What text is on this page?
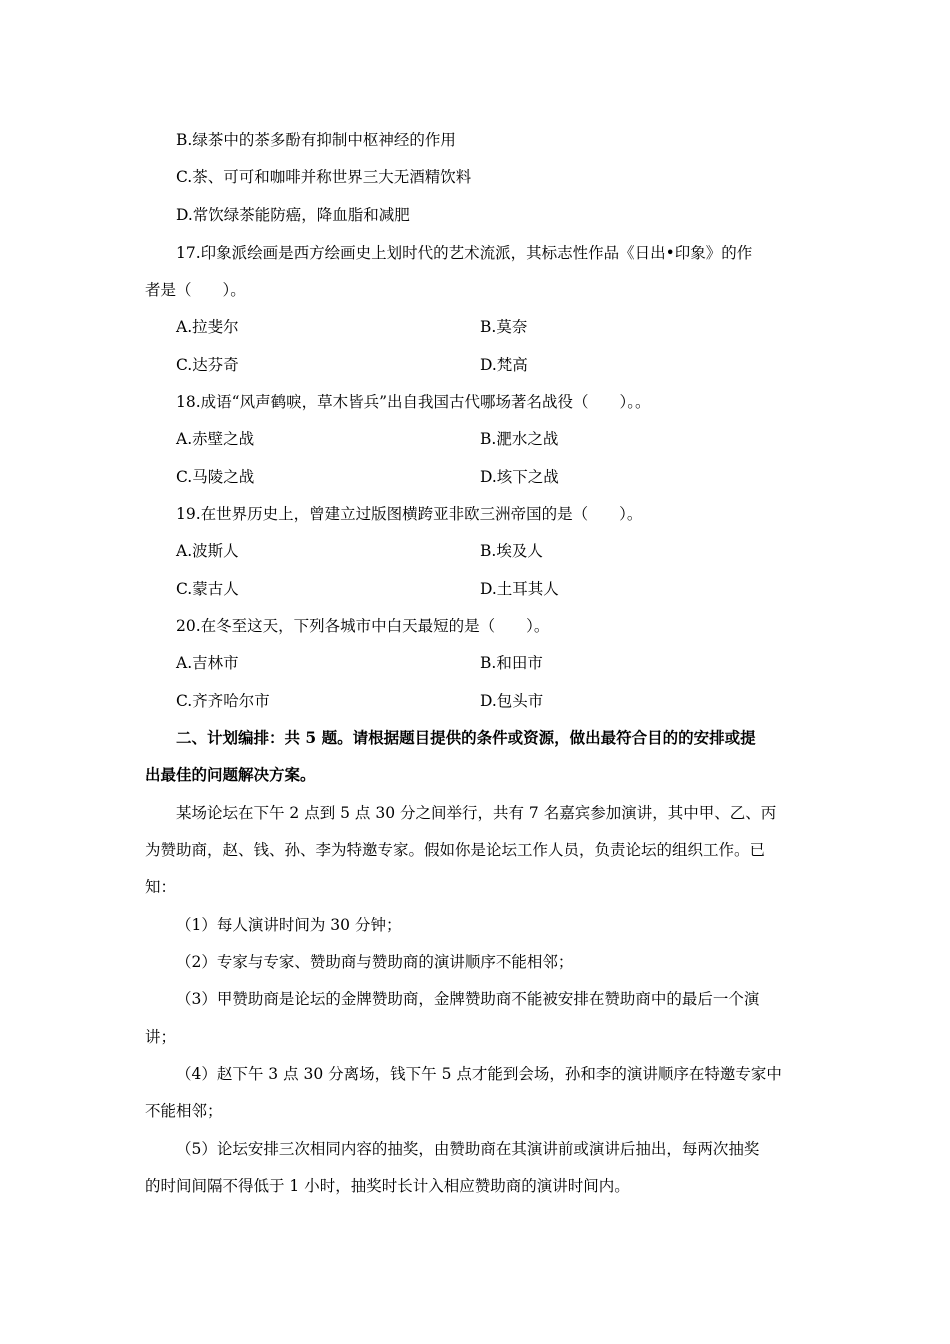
B.绿茶中的茶多酚有抑制中枢神经的作用
C.茶、可可和咖啡并称世界三大无酒精饮料
D.常饮绿茶能防癌，降血脂和减肥
17.印象派绘画是西方绘画史上划时代的艺术流派，其标志性作品《日出•印象》的作
者是（　　）。
A.拉斐尔	B.莫奈
C.达芬奇	D.梵高
18.成语“风声鹤唳，草木皆兵”出自我国古代哪场著名战役（　　）。。
A.赤壁之战	B.淝水之战
C.马陵之战	D.垓下之战
19.在世界历史上，曾建立过版图横跨亚非欧三洲帝国的是（　　）。
A.波斯人	B.埃及人
C.蒙古人	D.土耳其人
20.在冬至这天，下列各城市中白天最短的是（　　）。
A.吉林市	B.和田市
C.齐齐哈尔市	D.包头市
二、计划编排：共 5 题。请根据题目提供的条件或资源，做出最符合目的的安排或提
出最佳的问题解决方案。
某场论坛在下午 2 点到 5 点 30 分之间举行，共有 7 名嘉宾参加演讲，其中甲、乙、丙
为赞助商，赵、钱、孙、李为特邀专家。假如你是论坛工作人员，负责论坛的组织工作。已
知：
（1）每人演讲时间为 30 分钟；
（2）专家与专家、赞助商与赞助商的演讲顺序不能相邻；
（3）甲赞助商是论坛的金牌赞助商，金牌赞助商不能被安排在赞助商中的最后一个演
讲；
（4）赵下午 3 点 30 分离场，钱下午 5 点才能到会场，孙和李的演讲顺序在特邀专家中
不能相邻；
（5）论坛安排三次相同内容的抽奖，由赞助商在其演讲前或演讲后抽出，每两次抽奖
的时间间隔不得低于 1 小时，抽奖时长计入相应赞助商的演讲时间内。
